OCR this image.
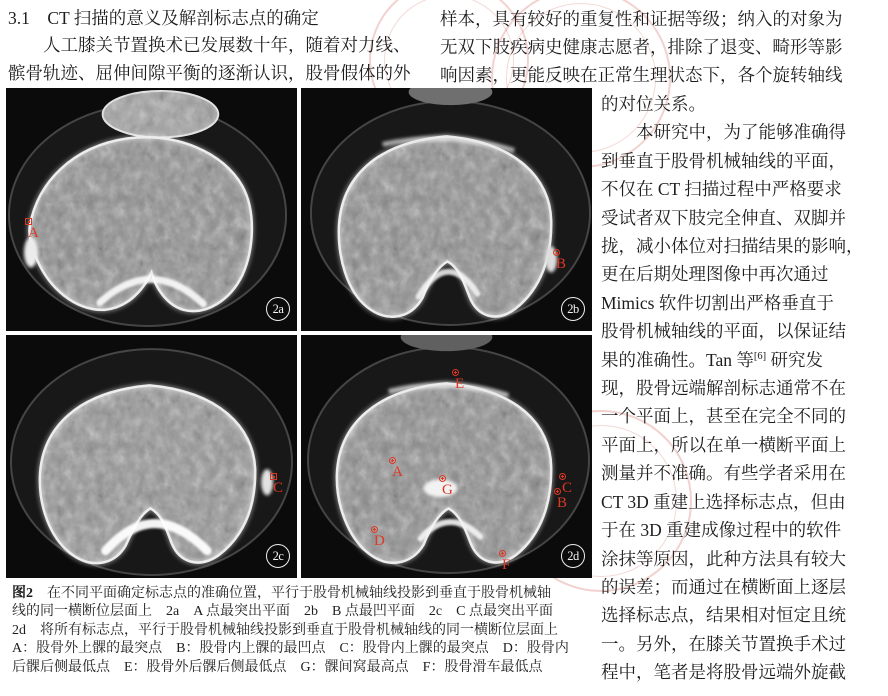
3.1　CT 扫描的意义及解剖标志点的确定
　　人工膝关节置换术已发展数十年，随着对力线、
髌骨轨迹、屈伸间隙平衡的逐渐认识，股骨假体的外
样本，具有较好的重复性和证据等级；纳入的对象为
无双下肢疾病史健康志愿者，排除了退变、畸形等影
响因素，更能反映在正常生理状态下，各个旋转轴线
的对位关系。
　　本研究中，为了能够准确得
到垂直于股骨机械轴线的平面，
不仅在 CT 扫描过程中严格要求
受试者双下肢完全伸直、双脚并
拢，减小体位对扫描结果的影响，
更在后期处理图像中再次通过
Mimics 软件切割出严格垂直于
股骨机械轴线的平面，以保证结
果的准确性。Tan 等[6] 研究发
现，股骨远端解剖标志通常不在
一个平面上，甚至在完全不同的
平面上，所以在单一横断平面上
测量并不准确。有些学者采用在
CT 3D 重建上选择标志点，但由
于在 3D 重建成像过程中的软件
涂抹等原因，此种方法具有较大
的误差；而通过在横断面上逐层
选择标志点，结果相对恒定且统
一。另外，在膝关节置换手术过
程中，笔者是将股骨远端外旋截
2a
A
2b
B
2c
C
2d
E
A
G	C
B
D
F
图2　在不同平面确定标志点的准确位置，平行于股骨机械轴线投影到垂直于股骨机械轴
线的同一横断位层面上　2a　A 点最突出平面　2b　B 点最凹平面　2c　C 点最突出平面
2d　将所有标志点，平行于股骨机械轴线投影到垂直于股骨机械轴线的同一横断位层面上
A：股骨外上髁的最突点　B：股骨内上髁的最凹点　C：股骨内上髁的最突点　D：股骨内
后髁后侧最低点　E：股骨外后髁后侧最低点　G：髁间窝最高点　F：股骨滑车最低点
